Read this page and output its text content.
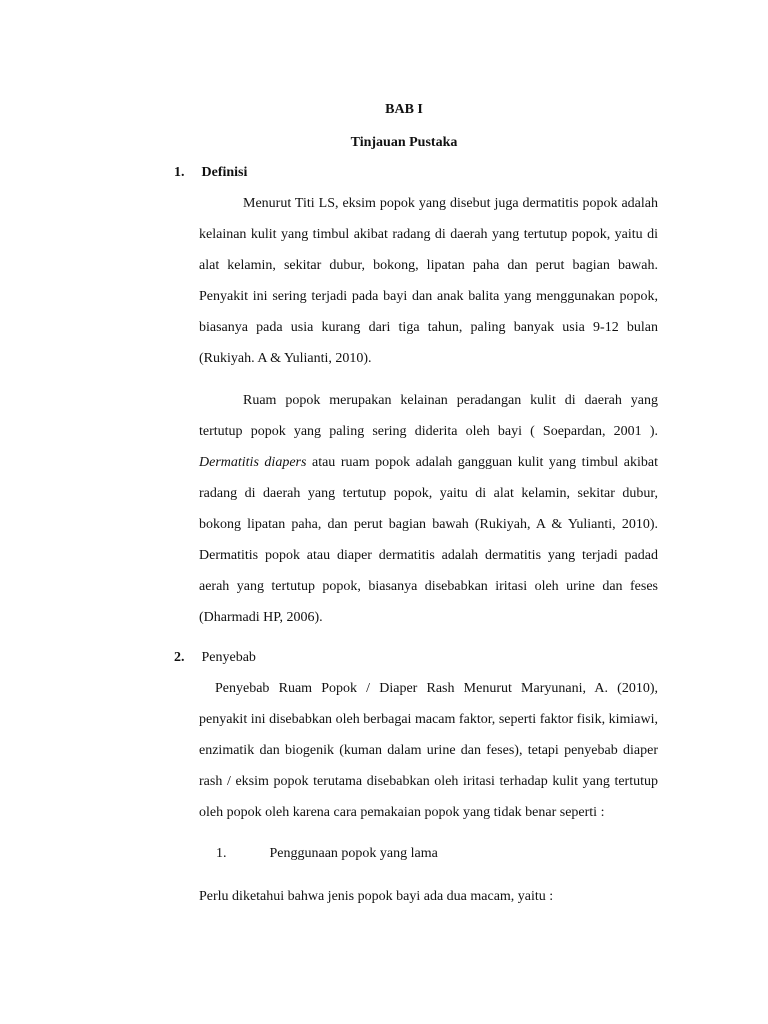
BAB I
Tinjauan Pustaka
1. Definisi

Menurut Titi LS, eksim popok yang disebut juga dermatitis popok adalah kelainan kulit yang timbul akibat radang di daerah yang tertutup popok, yaitu di alat kelamin, sekitar dubur, bokong, lipatan paha dan perut bagian bawah. Penyakit ini sering terjadi pada bayi dan anak balita yang menggunakan popok, biasanya pada usia kurang dari tiga tahun, paling banyak usia 9-12 bulan (Rukiyah. A & Yulianti, 2010).

Ruam popok merupakan kelainan peradangan kulit di daerah yang tertutup popok yang paling sering diderita oleh bayi ( Soepardan, 2001 ). Dermatitis diapers atau ruam popok adalah gangguan kulit yang timbul akibat radang di daerah yang tertutup popok, yaitu di alat kelamin, sekitar dubur, bokong lipatan paha, dan perut bagian bawah (Rukiyah, A & Yulianti, 2010). Dermatitis popok atau diaper dermatitis adalah dermatitis yang terjadi padad aerah yang tertutup popok, biasanya disebabkan iritasi oleh urine dan feses (Dharmadi HP, 2006).

2. Penyebab

Penyebab Ruam Popok / Diaper Rash Menurut Maryunani, A. (2010), penyakit ini disebabkan oleh berbagai macam faktor, seperti faktor fisik, kimiawi, enzimatik dan biogenik (kuman dalam urine dan feses), tetapi penyebab diaper rash / eksim popok terutama disebabkan oleh iritasi terhadap kulit yang tertutup oleh popok oleh karena cara pemakaian popok yang tidak benar seperti :

1.	Penggunaan popok yang lama
Perlu diketahui bahwa jenis popok bayi ada dua macam, yaitu :
